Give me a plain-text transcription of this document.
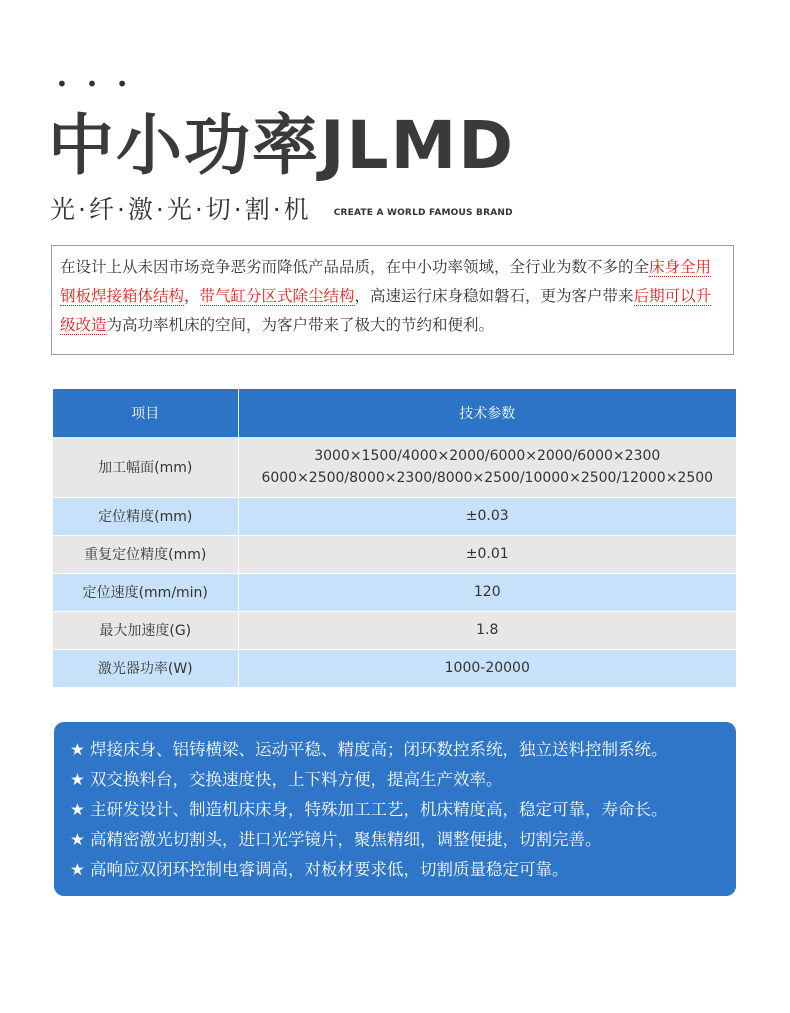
• • •
中小功率JLMD
光·纤·激·光·切·割·机 CREATE A WORLD FAMOUS BRAND
在设计上从未因市场竞争恶劣而降低产品品质，在中小功率领域，全行业为数不多的全床身全用钢板焊接箱体结构，带气缸分区式除尘结构，高速运行床身稳如磐石，更为客户带来后期可以升级改造为高功率机床的空间，为客户带来了极大的节约和便利。
项目	技术参数
加工幅面(mm)	3000×1500/4000×2000/6000×2000/6000×2300
6000×2500/8000×2300/8000×2500/10000×2500/12000×2500
定位精度(mm)	±0.03
重复定位精度(mm)	±0.01
定位速度(mm/min)	120
最大加速度(G)	1.8
激光器功率(W)	1000-20000
★ 焊接床身、铝铸横梁、运动平稳、精度高；闭环数控系统，独立送料控制系统。
★ 双交换料台，交换速度快，上下料方便，提高生产效率。
★ 主研发设计、制造机床床身，特殊加工工艺，机床精度高，稳定可靠，寿命长。
★ 高精密激光切割头，进口光学镜片，聚焦精细，调整便捷，切割完善。
★ 高响应双闭环控制电睿调高，对板材要求低，切割质量稳定可靠。
